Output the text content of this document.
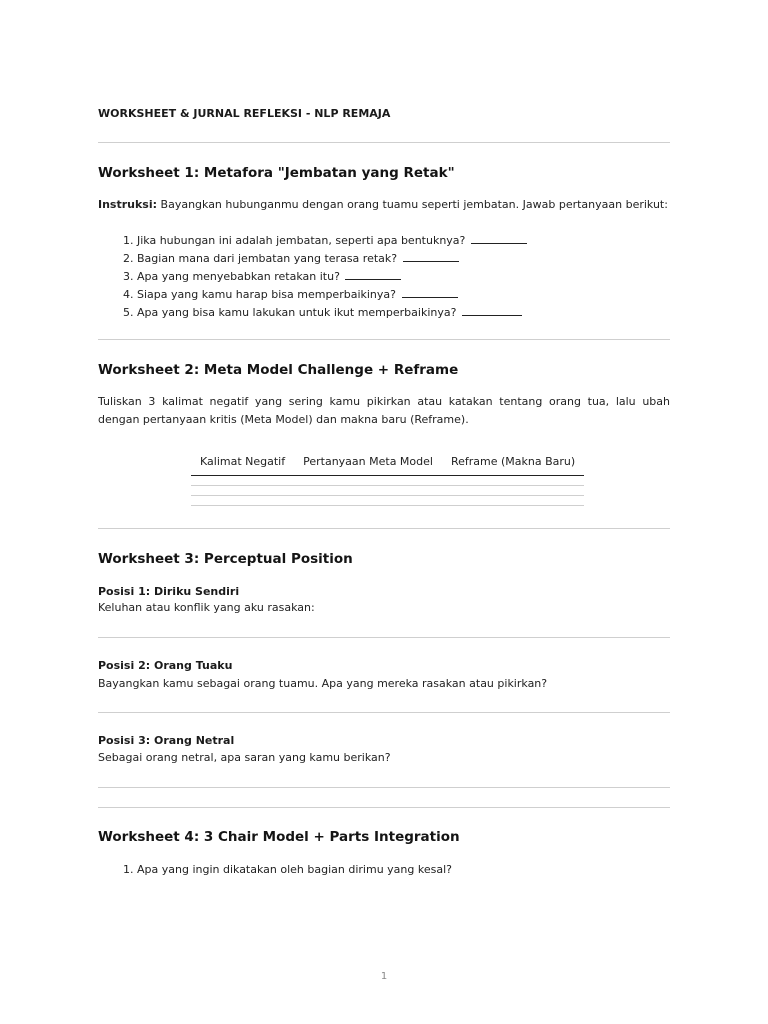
WORKSHEET & JURNAL REFLEKSI - NLP REMAJA
Worksheet 1: Metafora "Jembatan yang Retak"
Instruksi: Bayangkan hubunganmu dengan orang tuamu seperti jembatan. Jawab pertanyaan berikut:
1. Jika hubungan ini adalah jembatan, seperti apa bentuknya?
2. Bagian mana dari jembatan yang terasa retak?
3. Apa yang menyebabkan retakan itu?
4. Siapa yang kamu harap bisa memperbaikinya?
5. Apa yang bisa kamu lakukan untuk ikut memperbaikinya?
Worksheet 2: Meta Model Challenge + Reframe
Tuliskan 3 kalimat negatif yang sering kamu pikirkan atau katakan tentang orang tua, lalu ubah dengan pertanyaan kritis (Meta Model) dan makna baru (Reframe).
Kalimat Negatif	Pertanyaan Meta Model	Reframe (Makna Baru)

Worksheet 3: Perceptual Position
Posisi 1: Diriku Sendiri
Keluhan atau konflik yang aku rasakan:
Posisi 2: Orang Tuaku
Bayangkan kamu sebagai orang tuamu. Apa yang mereka rasakan atau pikirkan?
Posisi 3: Orang Netral
Sebagai orang netral, apa saran yang kamu berikan?
Worksheet 4: 3 Chair Model + Parts Integration
1. Apa yang ingin dikatakan oleh bagian dirimu yang kesal?
1
